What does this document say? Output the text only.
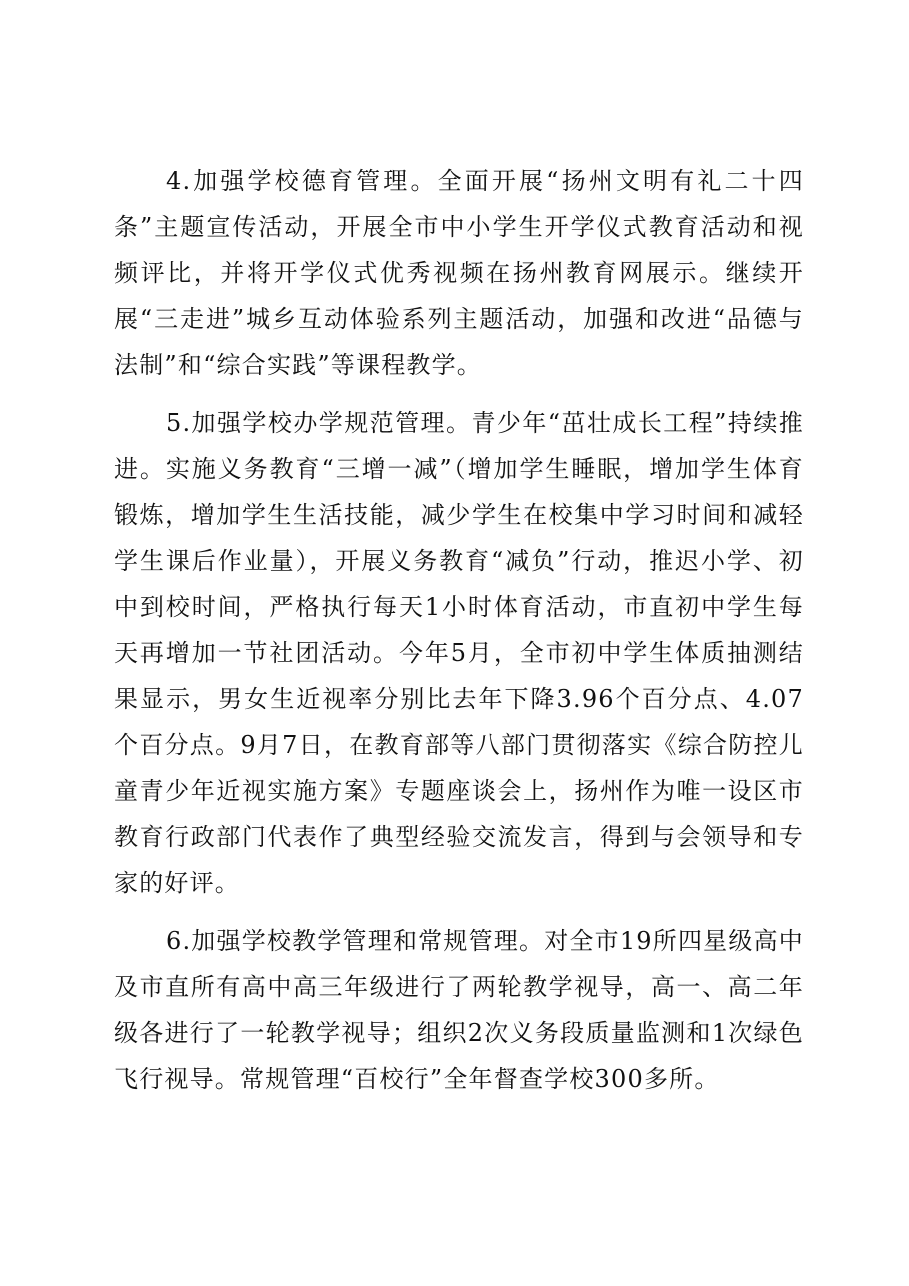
4.加强学校德育管理。全面开展“扬州文明有礼二十四条”主题宣传活动，开展全市中小学生开学仪式教育活动和视频评比，并将开学仪式优秀视频在扬州教育网展示。继续开展“三走进”城乡互动体验系列主题活动，加强和改进“品德与法制”和“综合实践”等课程教学。

5.加强学校办学规范管理。青少年“茁壮成长工程”持续推进。实施义务教育“三增一减”（增加学生睡眠，增加学生体育锻炼，增加学生生活技能，减少学生在校集中学习时间和减轻学生课后作业量），开展义务教育“减负”行动，推迟小学、初中到校时间，严格执行每天1小时体育活动，市直初中学生每天再增加一节社团活动。今年5月，全市初中学生体质抽测结果显示，男女生近视率分别比去年下降3.96个百分点、4.07个百分点。9月7日，在教育部等八部门贯彻落实《综合防控儿童青少年近视实施方案》专题座谈会上，扬州作为唯一设区市教育行政部门代表作了典型经验交流发言，得到与会领导和专家的好评。

6.加强学校教学管理和常规管理。对全市19所四星级高中及市直所有高中高三年级进行了两轮教学视导，高一、高二年级各进行了一轮教学视导；组织2次义务段质量监测和1次绿色飞行视导。常规管理“百校行”全年督查学校300多所。
